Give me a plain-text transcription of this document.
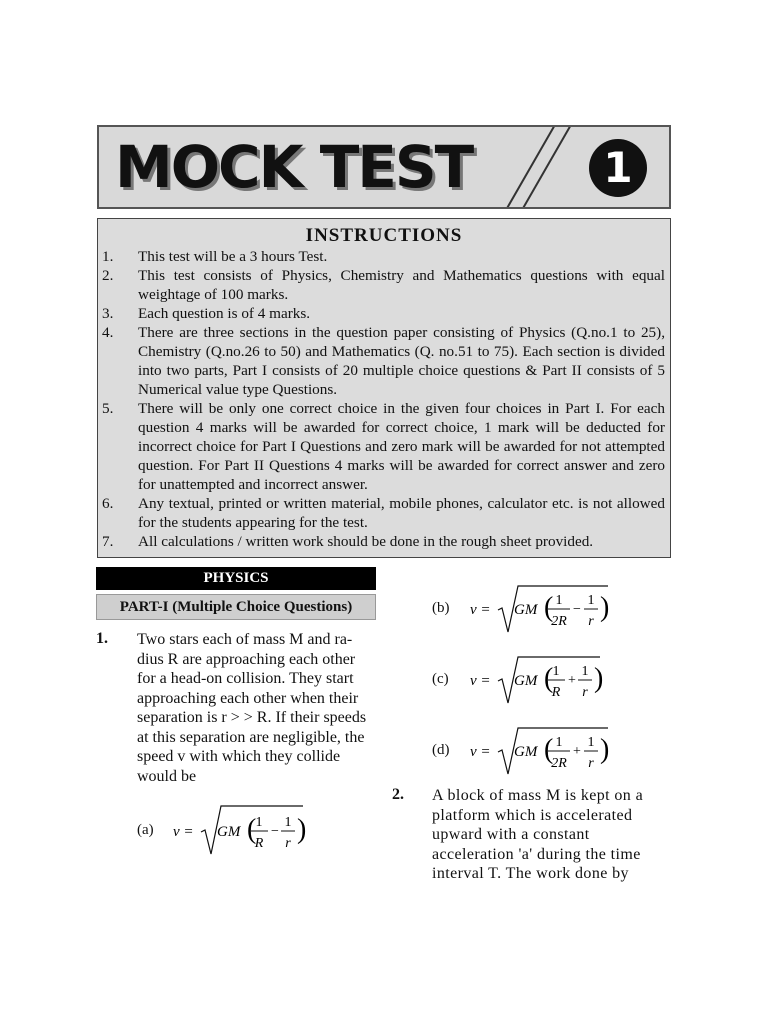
MOCK TEST	1
INSTRUCTIONS
1. This test will be a 3 hours Test.
2. This test consists of Physics, Chemistry and Mathematics questions with equal weightage of 100 marks.
3. Each question is of 4 marks.
4. There are three sections in the question paper consisting of Physics (Q.no.1 to 25), Chemistry (Q.no.26 to 50) and Mathematics (Q. no.51 to 75). Each section is divided into two parts, Part I consists of 20 multiple choice questions & Part II consists of 5 Numerical value type Questions.
5. There will be only one correct choice in the given four choices in Part I. For each question 4 marks will be awarded for correct choice, 1 mark will be deducted for incorrect choice for Part I Questions and zero mark will be awarded for not attempted question. For Part II Questions 4 marks will be awarded for correct answer and zero for unattempted and incorrect answer.
6. Any textual, printed or written material, mobile phones, calculator etc. is not allowed for the students appearing for the test.
7. All calculations / written work should be done in the rough sheet provided.
PHYSICS
PART-I (Multiple Choice Questions)
1. Two stars each of mass M and ra-
dius R are approaching each other
for a head-on collision. They start
approaching each other when their
separation is r > > R. If their speeds
at this separation are negligible, the
speed v with which they collide
would be
(a) v = GM ( 1
R
−
1
r )
(b) v = GM ( 1
2R
−
1
r )
(c) v = GM ( 1
R
+
1
r )
(d) v = GM ( 1
2R
+
1
r )
2. A block of mass M is kept on a
platform which is accelerated
upward with a constant
acceleration 'a' during the time
interval T. The work done by
